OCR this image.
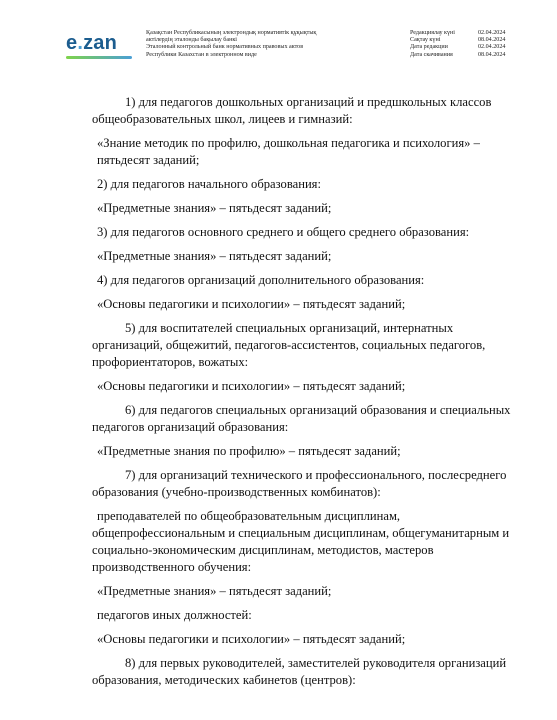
e.zan	Қазақстан Республикасының электрондық нормативтік құқықтық
актілердің эталонды бақылау банкі
Эталонный контрольный банк нормативных правовых актов
Республики Казахстан в электронном виде
Редакциялау күні	02.04.2024
Сақтау күні	08.04.2024
Дата редакции	02.04.2024
Дата скачивания	08.04.2024

1) для педагогов дошкольных организаций и предшкольных классов общеобразовательных школ, лицеев и гимназий:

«Знание методик по профилю, дошкольная педагогика и психология» – пятьдесят заданий;

2) для педагогов начального образования:

«Предметные знания» – пятьдесят заданий;

3) для педагогов основного среднего и общего среднего образования:

«Предметные знания» – пятьдесят заданий;

4) для педагогов организаций дополнительного образования:

«Основы педагогики и психологии» – пятьдесят заданий;

5) для воспитателей специальных организаций, интернатных организаций, общежитий, педагогов-ассистентов, социальных педагогов, профориентаторов, вожатых:

«Основы педагогики и психологии» – пятьдесят заданий;

6) для педагогов специальных организаций образования и специальных педагогов организаций образования:

«Предметные знания по профилю» – пятьдесят заданий;

7) для организаций технического и профессионального, послесреднего образования (учебно-производственных комбинатов):

преподавателей по общеобразовательным дисциплинам, общепрофессиональным и специальным дисциплинам, общегуманитарным и социально-экономическим дисциплинам, методистов, мастеров производственного обучения:

«Предметные знания» – пятьдесят заданий;

педагогов иных должностей:

«Основы педагогики и психологии» – пятьдесят заданий;

8) для первых руководителей, заместителей руководителя организаций образования, методических кабинетов (центров):
